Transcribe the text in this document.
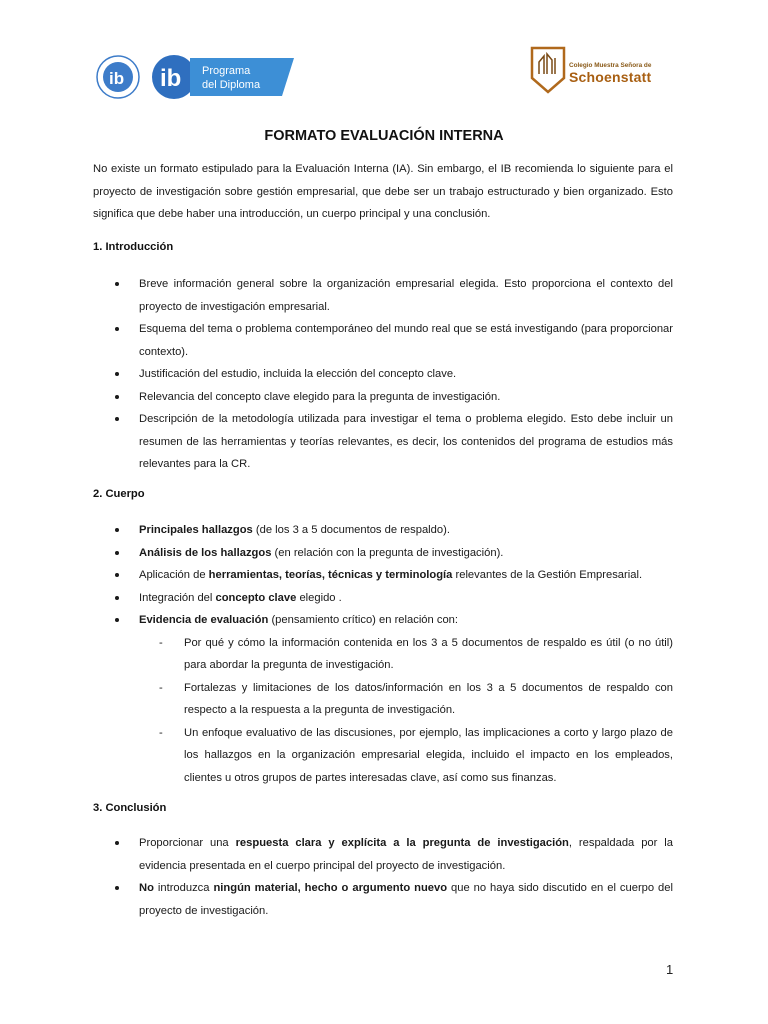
ib ib Programa
del Diploma
Colegio Muestra Señora de
Schoenstatt
FORMATO EVALUACIÓN INTERNA
No existe un formato estipulado para la Evaluación Interna (IA). Sin embargo, el IB recomienda lo siguiente para el proyecto de investigación sobre gestión empresarial, que debe ser un trabajo estructurado y bien organizado. Esto significa que debe haber una introducción, un cuerpo principal y una conclusión.
1. Introducción
Breve información general sobre la organización empresarial elegida. Esto proporciona el contexto del proyecto de investigación empresarial.
Esquema del tema o problema contemporáneo del mundo real que se está investigando (para proporcionar contexto).
Justificación del estudio, incluida la elección del concepto clave.
Relevancia del concepto clave elegido para la pregunta de investigación.
Descripción de la metodología utilizada para investigar el tema o problema elegido. Esto debe incluir un resumen de las herramientas y teorías relevantes, es decir, los contenidos del programa de estudios más relevantes para la CR.
2. Cuerpo
Principales hallazgos (de los 3 a 5 documentos de respaldo).
Análisis de los hallazgos (en relación con la pregunta de investigación).
Aplicación de herramientas, teorías, técnicas y terminología relevantes de la Gestión Empresarial.
Integración del concepto clave elegido .
Evidencia de evaluación (pensamiento crítico) en relación con:
- Por qué y cómo la información contenida en los 3 a 5 documentos de respaldo es útil (o no útil) para abordar la pregunta de investigación.
- Fortalezas y limitaciones de los datos/información en los 3 a 5 documentos de respaldo con respecto a la respuesta a la pregunta de investigación.
- Un enfoque evaluativo de las discusiones, por ejemplo, las implicaciones a corto y largo plazo de los hallazgos en la organización empresarial elegida, incluido el impacto en los empleados, clientes u otros grupos de partes interesadas clave, así como sus finanzas.
3. Conclusión
Proporcionar una respuesta clara y explícita a la pregunta de investigación, respaldada por la evidencia presentada en el cuerpo principal del proyecto de investigación.
No introduzca ningún material, hecho o argumento nuevo que no haya sido discutido en el cuerpo del proyecto de investigación.
1
